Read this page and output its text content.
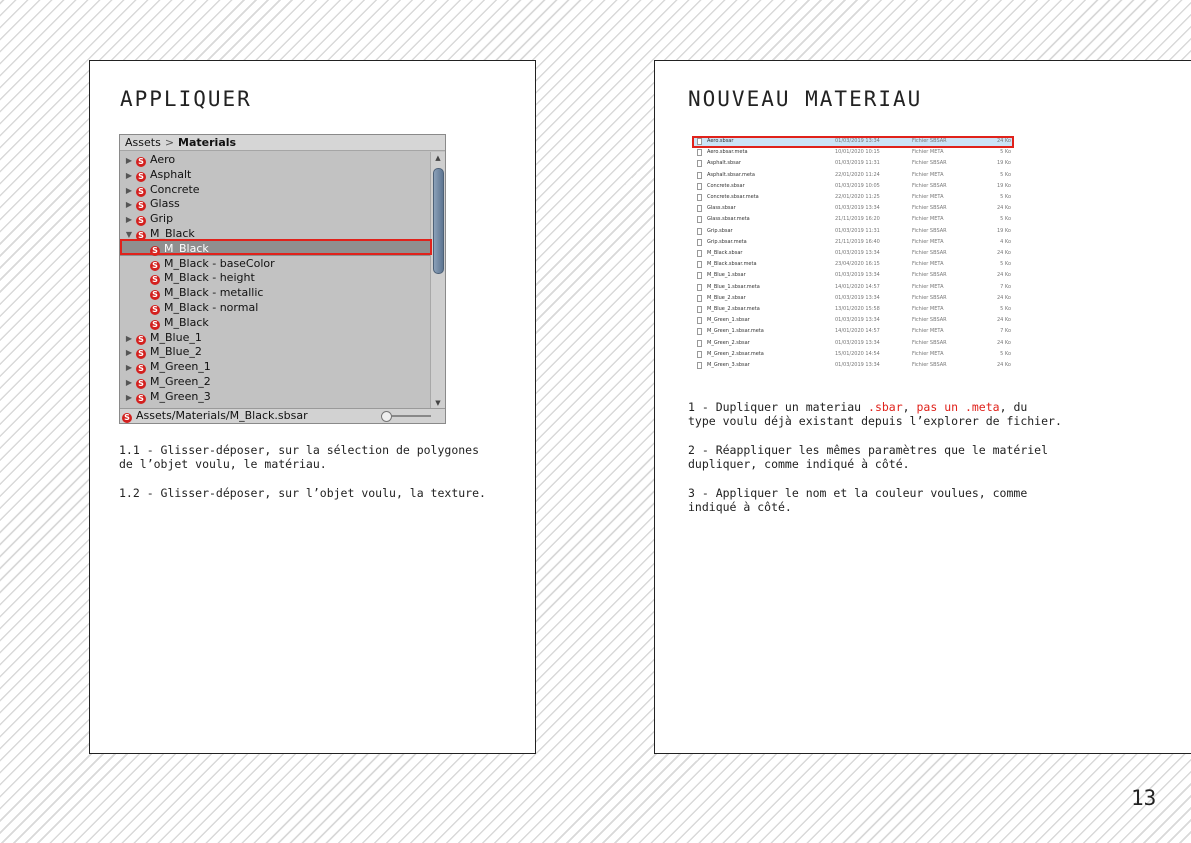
APPLIQUER
Assets > Materials
▶ S Aero
▶ S Asphalt
▶ S Concrete
▶ S Glass
▶ S Grip
▼ S M_Black
S M_Black
S M_Black - baseColor
S M_Black - height
S M_Black - metallic
S M_Black - normal
S M_Black
▶ S M_Blue_1
▶ S M_Blue_2
▶ S M_Green_1
▶ S M_Green_2
▶ S M_Green_3
▲
▼
S Assets/Materials/M_Black.sbsar
1.1 - Glisser-déposer, sur la sélection de polygones
de l’objet voulu, le matériau.
1.2 - Glisser-déposer, sur l’objet voulu, la texture.
NOUVEAU MATERIAU
M_Green_3.sbsar	01/03/2019 13:34	Fichier SBSAR	24 Ko
M_Green_2.sbsar.meta	15/01/2020 14:54	Fichier META	5 Ko
M_Green_2.sbsar	01/03/2019 13:34	Fichier SBSAR	24 Ko
M_Green_1.sbsar.meta	14/01/2020 14:57	Fichier META	7 Ko
M_Green_1.sbsar	01/03/2019 13:34	Fichier SBSAR	24 Ko
M_Blue_2.sbsar.meta	13/01/2020 15:58	Fichier META	5 Ko
M_Blue_2.sbsar	01/03/2019 13:34	Fichier SBSAR	24 Ko
M_Blue_1.sbsar.meta	14/01/2020 14:57	Fichier META	7 Ko
M_Blue_1.sbsar	01/03/2019 13:34	Fichier SBSAR	24 Ko
M_Black.sbsar.meta	23/04/2020 16:15	Fichier META	5 Ko
M_Black.sbsar	01/03/2019 13:34	Fichier SBSAR	24 Ko
Grip.sbsar.meta	21/11/2019 16:40	Fichier META	4 Ko
Grip.sbsar	01/03/2019 11:31	Fichier SBSAR	19 Ko
Glass.sbsar.meta	21/11/2019 16:20	Fichier META	5 Ko
Glass.sbsar	01/03/2019 13:34	Fichier SBSAR	24 Ko
Concrete.sbsar.meta	22/01/2020 11:25	Fichier META	5 Ko
Concrete.sbsar	01/03/2019 10:05	Fichier SBSAR	19 Ko
Asphalt.sbsar.meta	22/01/2020 11:24	Fichier META	5 Ko
Asphalt.sbsar	01/03/2019 11:31	Fichier SBSAR	19 Ko
Aero.sbsar.meta	10/01/2020 10:15	Fichier META	5 Ko
Aero.sbsar	01/03/2019 13:34	Fichier SBSAR	24 Ko
1 - Dupliquer un materiau .sbar, pas un .meta, du
type voulu déjà existant depuis l’explorer de fichier.
2 - Réappliquer les mêmes paramètres que le matériel
dupliquer, comme indiqué à côté.
3 - Appliquer le nom et la couleur voulues, comme
indiqué à côté.
13
